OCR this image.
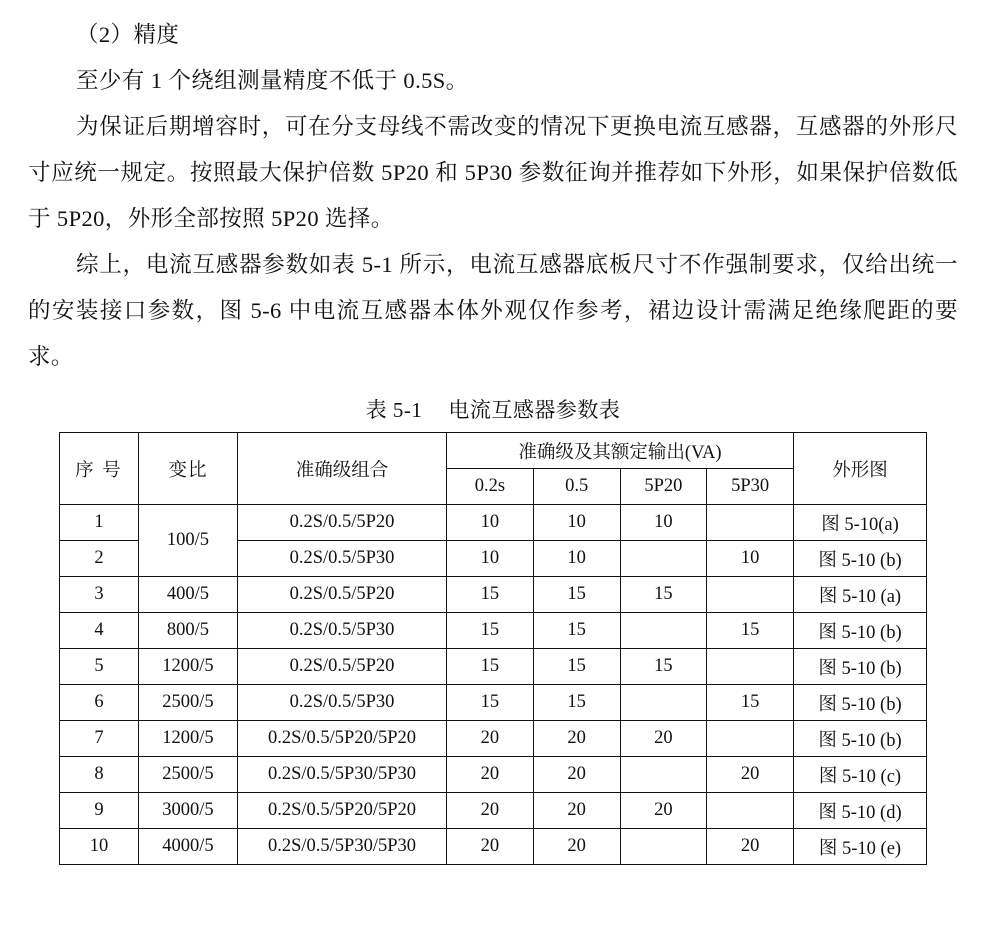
（2）精度

至少有 1 个绕组测量精度不低于 0.5S。

为保证后期增容时，可在分支母线不需改变的情况下更换电流互感器，互感器的外形尺寸应统一规定。按照最大保护倍数 5P20 和 5P30 参数征询并推荐如下外形，如果保护倍数低于 5P20，外形全部按照 5P20 选择。

综上，电流互感器参数如表 5-1 所示，电流互感器底板尺寸不作强制要求，仅给出统一的安装接口参数，图 5-6 中电流互感器本体外观仅作参考，裙边设计需满足绝缘爬距的要求。

表 5-1 电流互感器参数表
序 号	变比	准确级组合	准确级及其额定输出(VA)				外形图
			0.2s	0.5	5P20	5P30	
1	100/5	0.2S/0.5/5P20	10	10	10		图 5-10(a)
2		0.2S/0.5/5P30	10	10		10	图 5-10 (b)
3	400/5	0.2S/0.5/5P20	15	15	15		图 5-10 (a)
4	800/5	0.2S/0.5/5P30	15	15		15	图 5-10 (b)
5	1200/5	0.2S/0.5/5P20	15	15	15		图 5-10 (b)
6	2500/5	0.2S/0.5/5P30	15	15		15	图 5-10 (b)
7	1200/5	0.2S/0.5/5P20/5P20	20	20	20		图 5-10 (b)
8	2500/5	0.2S/0.5/5P30/5P30	20	20		20	图 5-10 (c)
9	3000/5	0.2S/0.5/5P20/5P20	20	20	20		图 5-10 (d)
10	4000/5	0.2S/0.5/5P30/5P30	20	20		20	图 5-10 (e)
